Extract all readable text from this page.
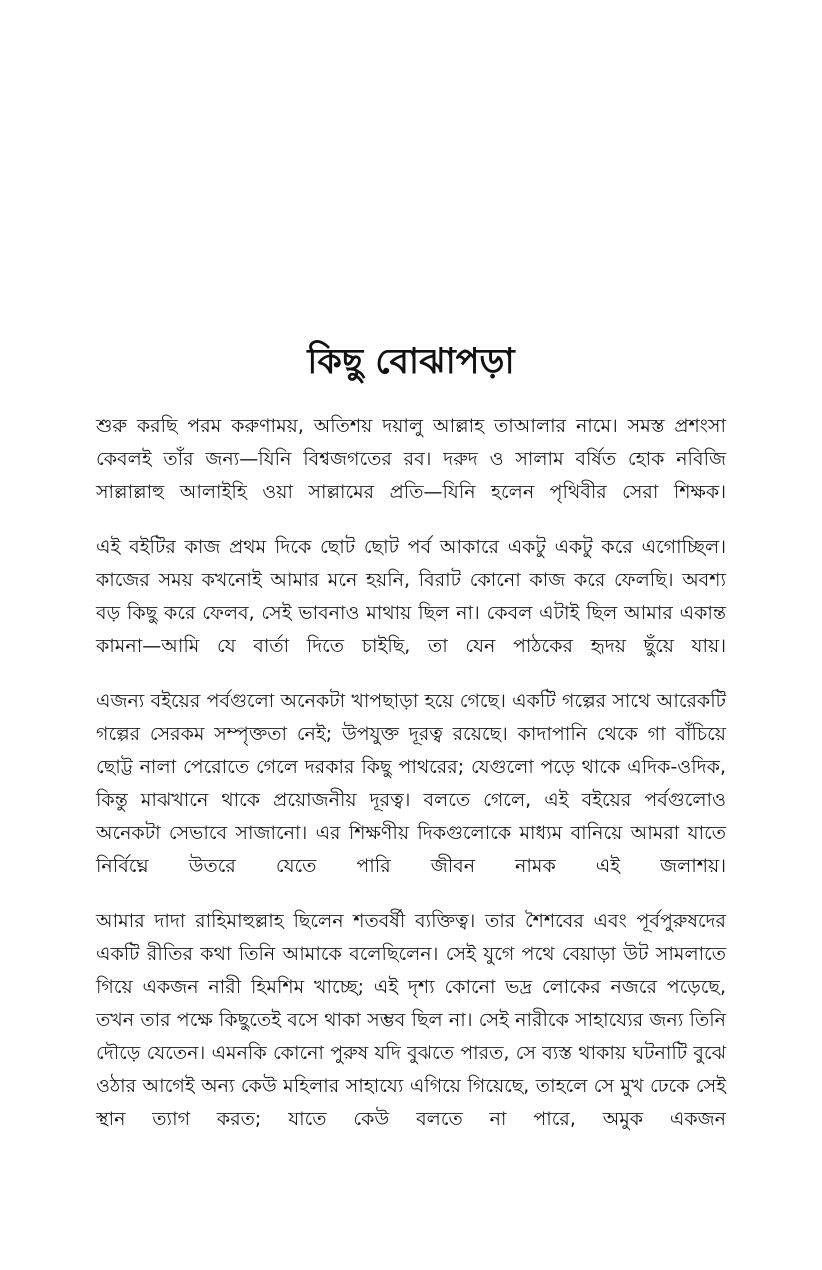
কিছু বোঝাপড়া

শুরু করছি পরম করুণাময়, অতিশয় দয়ালু আল্লাহ তাআলার নামে। সমস্ত প্রশংসা কেবলই তাঁর জন্য—যিনি বিশ্বজগতের রব। দরুদ ও সালাম বর্ষিত হোক নবিজি সাল্লাল্লাহু আলাইহি ওয়া সাল্লামের প্রতি—যিনি হলেন পৃথিবীর সেরা শিক্ষক।

এই বইটির কাজ প্রথম দিকে ছোট ছোট পর্ব আকারে একটু একটু করে এগোচ্ছিল। কাজের সময় কখনোই আমার মনে হয়নি, বিরাট কোনো কাজ করে ফেলছি। অবশ্য বড় কিছু করে ফেলব, সেই ভাবনাও মাথায় ছিল না। কেবল এটাই ছিল আমার একান্ত কামনা—আমি যে বার্তা দিতে চাইছি, তা যেন পাঠকের হৃদয় ছুঁয়ে যায়।

এজন্য বইয়ের পর্বগুলো অনেকটা খাপছাড়া হয়ে গেছে। একটি গল্পের সাথে আরেকটি গল্পের সেরকম সম্পৃক্ততা নেই; উপযুক্ত দূরত্ব রয়েছে। কাদাপানি থেকে গা বাঁচিয়ে ছোট্ট নালা পেরোতে গেলে দরকার কিছু পাথরের; যেগুলো পড়ে থাকে এদিক-ওদিক, কিন্তু মাঝখানে থাকে প্রয়োজনীয় দূরত্ব। বলতে গেলে, এই বইয়ের পর্বগুলোও অনেকটা সেভাবে সাজানো। এর শিক্ষণীয় দিকগুলোকে মাধ্যম বানিয়ে আমরা যাতে নির্বিঘ্নে উতরে যেতে পারি জীবন নামক এই জলাশয়।

আমার দাদা রাহিমাহুল্লাহ ছিলেন শতবর্ষী ব্যক্তিত্ব। তার শৈশবের এবং পূর্বপুরুষদের একটি রীতির কথা তিনি আমাকে বলেছিলেন। সেই যুগে পথে বেয়াড়া উট সামলাতে গিয়ে একজন নারী হিমশিম খাচ্ছে; এই দৃশ্য কোনো ভদ্র লোকের নজরে পড়েছে, তখন তার পক্ষে কিছুতেই বসে থাকা সম্ভব ছিল না। সেই নারীকে সাহায্যের জন্য তিনি দৌড়ে যেতেন। এমনকি কোনো পুরুষ যদি বুঝতে পারত, সে ব্যস্ত থাকায় ঘটনাটি বুঝে ওঠার আগেই অন্য কেউ মহিলার সাহায্যে এগিয়ে গিয়েছে, তাহলে সে মুখ ঢেকে সেই স্থান ত্যাগ করত; যাতে কেউ বলতে না পারে, অমুক একজন
